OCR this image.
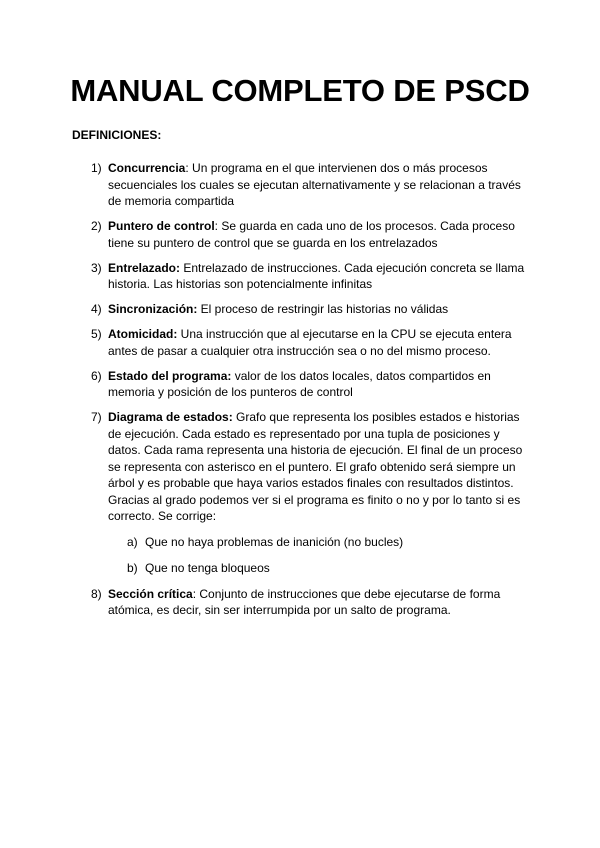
MANUAL COMPLETO DE PSCD
DEFINICIONES:
1) Concurrencia: Un programa en el que intervienen dos o más procesos secuenciales los cuales se ejecutan alternativamente y se relacionan a través de memoria compartida
2) Puntero de control: Se guarda en cada uno de los procesos. Cada proceso tiene su puntero de control que se guarda en los entrelazados
3) Entrelazado: Entrelazado de instrucciones. Cada ejecución concreta se llama historia. Las historias son potencialmente infinitas
4) Sincronización: El proceso de restringir las historias no válidas
5) Atomicidad: Una instrucción que al ejecutarse en la CPU se ejecuta entera antes de pasar a cualquier otra instrucción sea o no del mismo proceso.
6) Estado del programa: valor de los datos locales, datos compartidos en memoria y posición de los punteros de control
7) Diagrama de estados: Grafo que representa los posibles estados e historias de ejecución. Cada estado es representado por una tupla de posiciones y datos. Cada rama representa una historia de ejecución. El final de un proceso se representa con asterisco en el puntero. El grafo obtenido será siempre un árbol y es probable que haya varios estados finales con resultados distintos. Gracias al grado podemos ver si el programa es finito o no y por lo tanto si es correcto. Se corrige:
a) Que no haya problemas de inanición (no bucles)
b) Que no tenga bloqueos
8) Sección crítica: Conjunto de instrucciones que debe ejecutarse de forma atómica, es decir, sin ser interrumpida por un salto de programa.
